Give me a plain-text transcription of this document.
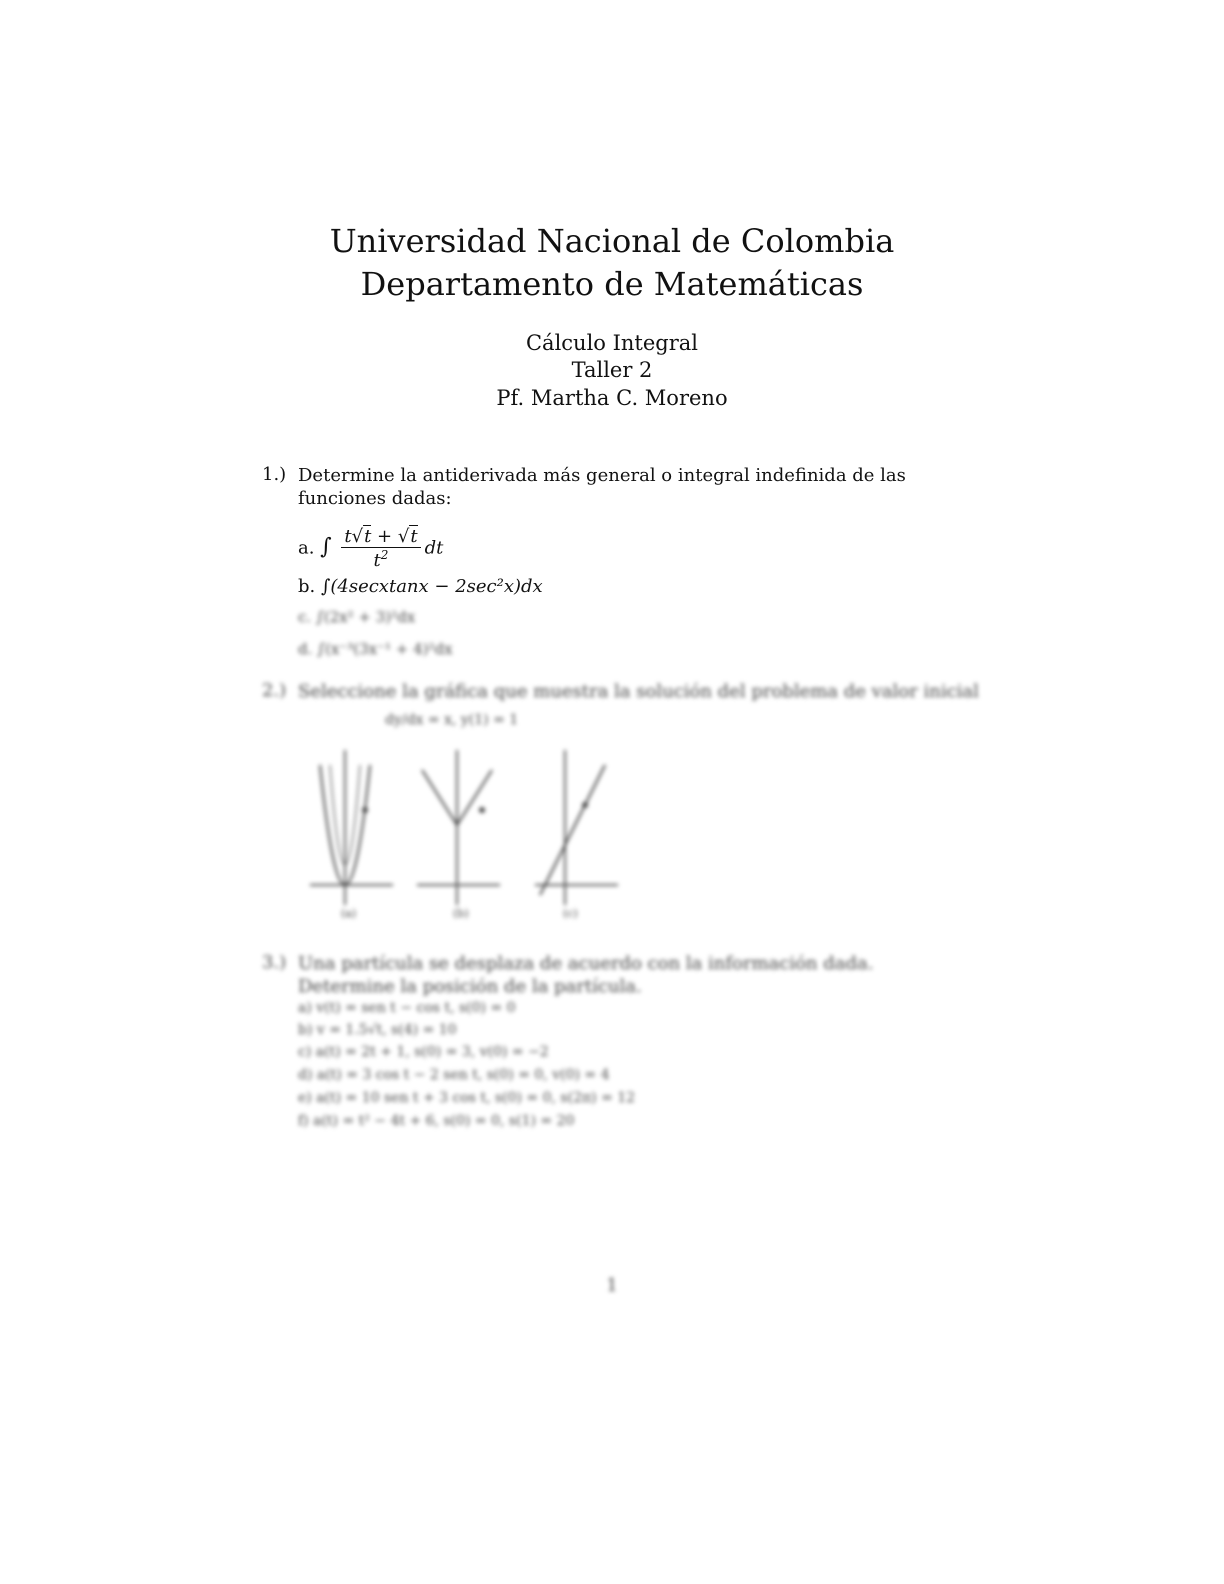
Universidad Nacional de Colombia
Departamento de Matemáticas
Cálculo Integral
Taller 2
Pf. Martha C. Moreno
1.) Determine la antiderivada más general o integral indefinida de las funciones dadas:
a. ∫ $\frac{t√t + √t}{t^2}$ dt
b. ∫(4secxtanx − 2sec²x)dx
c. ∫(2x² + 3)²dx
d. ∫(x⁻³(3x⁻¹ + 4)²dx
2.) Seleccione la gráfica que muestra la solución del problema de valor inicial
dy/dx = x, y(1) = 1
(a)	(b)	(c)
3.) Una partícula se desplaza de acuerdo con la información dada. Determine la posición de la partícula.
a) v(t) = sen t − cos t, s(0) = 0
b) v = 1.5√t, s(4) = 10
c) a(t) = 2t + 1, s(0) = 3, v(0) = −2
d) a(t) = 3 cos t − 2 sen t, s(0) = 0, v(0) = 4
e) a(t) = 10 sen t + 3 cos t, s(0) = 0, s(2π) = 12
f) a(t) = t² − 4t + 6, s(0) = 0, s(1) = 20
1
